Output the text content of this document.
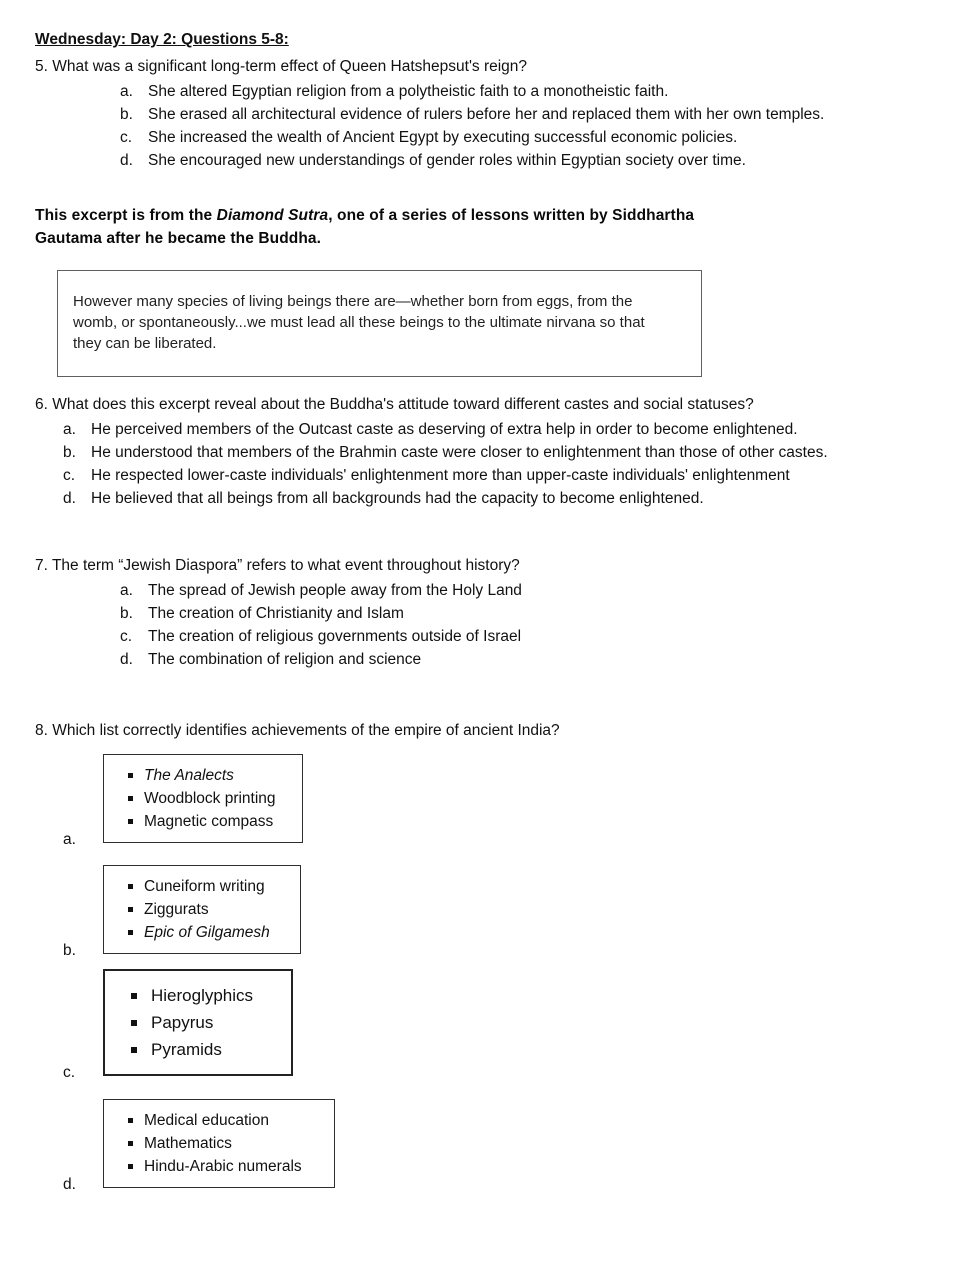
Wednesday: Day 2: Questions 5-8:

5. What was a significant long-term effect of Queen Hatshepsut's reign?

a. She altered Egyptian religion from a polytheistic faith to a monotheistic faith.
b. She erased all architectural evidence of rulers before her and replaced them with her own temples.
c.	She increased the wealth of Ancient Egypt by executing successful economic policies.
d. She encouraged new understandings of gender roles within Egyptian society over time.

This excerpt is from the Diamond Sutra, one of a series of lessons written by Siddhartha Gautama after he became the Buddha.

However many species of living beings there are—whether born from eggs, from the womb, or spontaneously...we must lead all these beings to the ultimate nirvana so that they can be liberated.

6. What does this excerpt reveal about the Buddha's attitude toward different castes and social statuses?

a. He perceived members of the Outcast caste as deserving of extra help in order to become enlightened.
b. He understood that members of the Brahmin caste were closer to enlightenment than those of other castes.
c.	He respected lower-caste individuals' enlightenment more than upper-caste individuals' enlightenment
d. He believed that all beings from all backgrounds had the capacity to become enlightened.

7. The term “Jewish Diaspora” refers to what event throughout history?

a. The spread of Jewish people away from the Holy Land
b. The creation of Christianity and Islam
c.	The creation of religious governments outside of Israel
d. The combination of religion and science

8. Which list correctly identifies achievements of the empire of ancient India?

a.
The Analects
Woodblock printing
Magnetic compass
b.
Cuneiform writing
Ziggurats
Epic of Gilgamesh
c.
Hieroglyphics
Papyrus
Pyramids
d.
Medical education
Mathematics
Hindu-Arabic numerals
